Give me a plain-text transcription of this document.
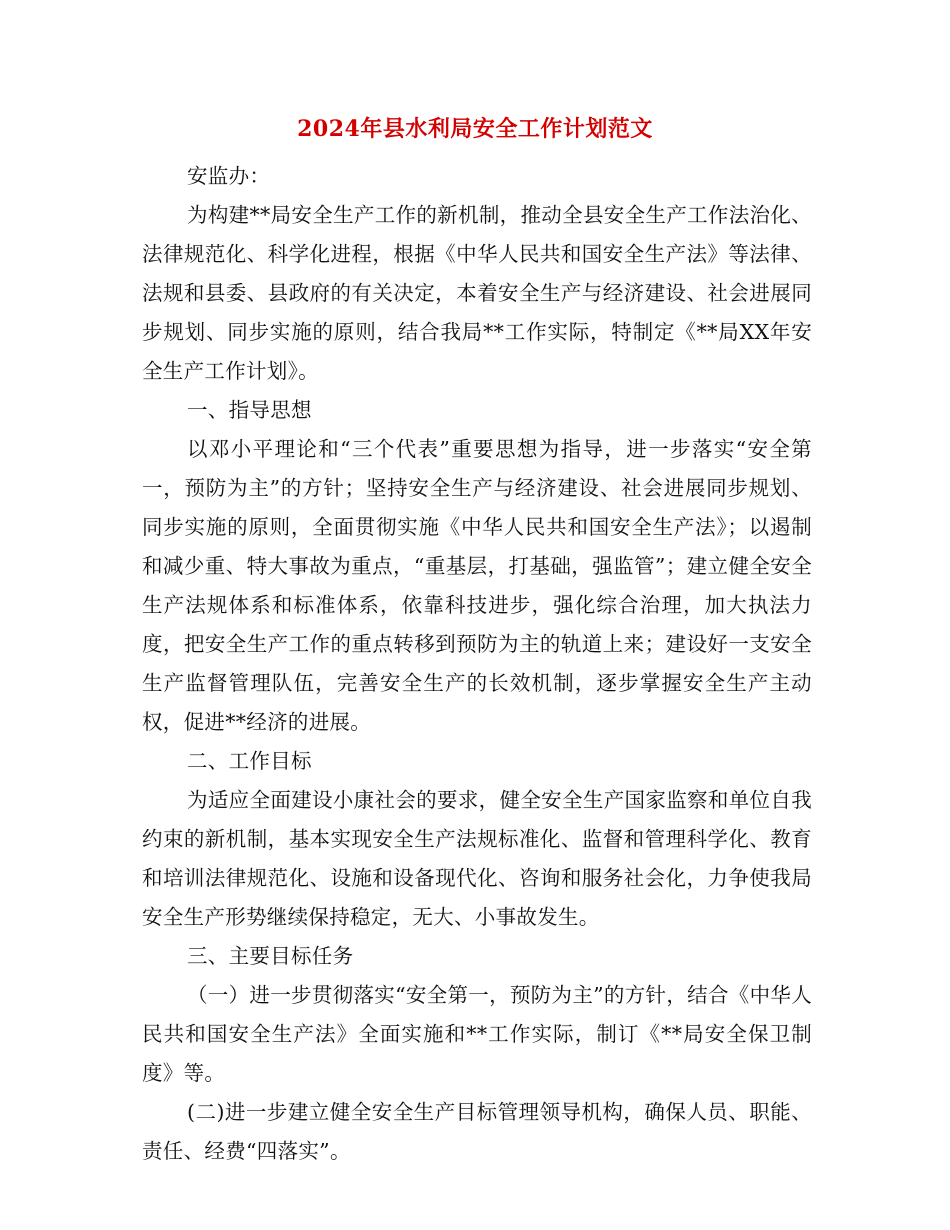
2024年县水利局安全工作计划范文

安监办：

为构建**局安全生产工作的新机制，推动全县安全生产工作法治化、法律规范化、科学化进程，根据《中华人民共和国安全生产法》等法律、法规和县委、县政府的有关决定，本着安全生产与经济建设、社会进展同步规划、同步实施的原则，结合我局**工作实际，特制定《**局XX年安全生产工作计划》。

一、指导思想

以邓小平理论和“三个代表”重要思想为指导，进一步落实“安全第一，预防为主”的方针；坚持安全生产与经济建设、社会进展同步规划、同步实施的原则，全面贯彻实施《中华人民共和国安全生产法》；以遏制和减少重、特大事故为重点，“重基层，打基础，强监管”；建立健全安全生产法规体系和标准体系，依靠科技进步，强化综合治理，加大执法力度，把安全生产工作的重点转移到预防为主的轨道上来；建设好一支安全生产监督管理队伍，完善安全生产的长效机制，逐步掌握安全生产主动权，促进**经济的进展。

二、工作目标

为适应全面建设小康社会的要求，健全安全生产国家监察和单位自我约束的新机制，基本实现安全生产法规标准化、监督和管理科学化、教育和培训法律规范化、设施和设备现代化、咨询和服务社会化，力争使我局安全生产形势继续保持稳定，无大、小事故发生。

三、主要目标任务

（一）进一步贯彻落实“安全第一，预防为主”的方针，结合《中华人民共和国安全生产法》全面实施和**工作实际，制订《**局安全保卫制度》等。

(二)进一步建立健全安全生产目标管理领导机构，确保人员、职能、责任、经费“四落实”。
